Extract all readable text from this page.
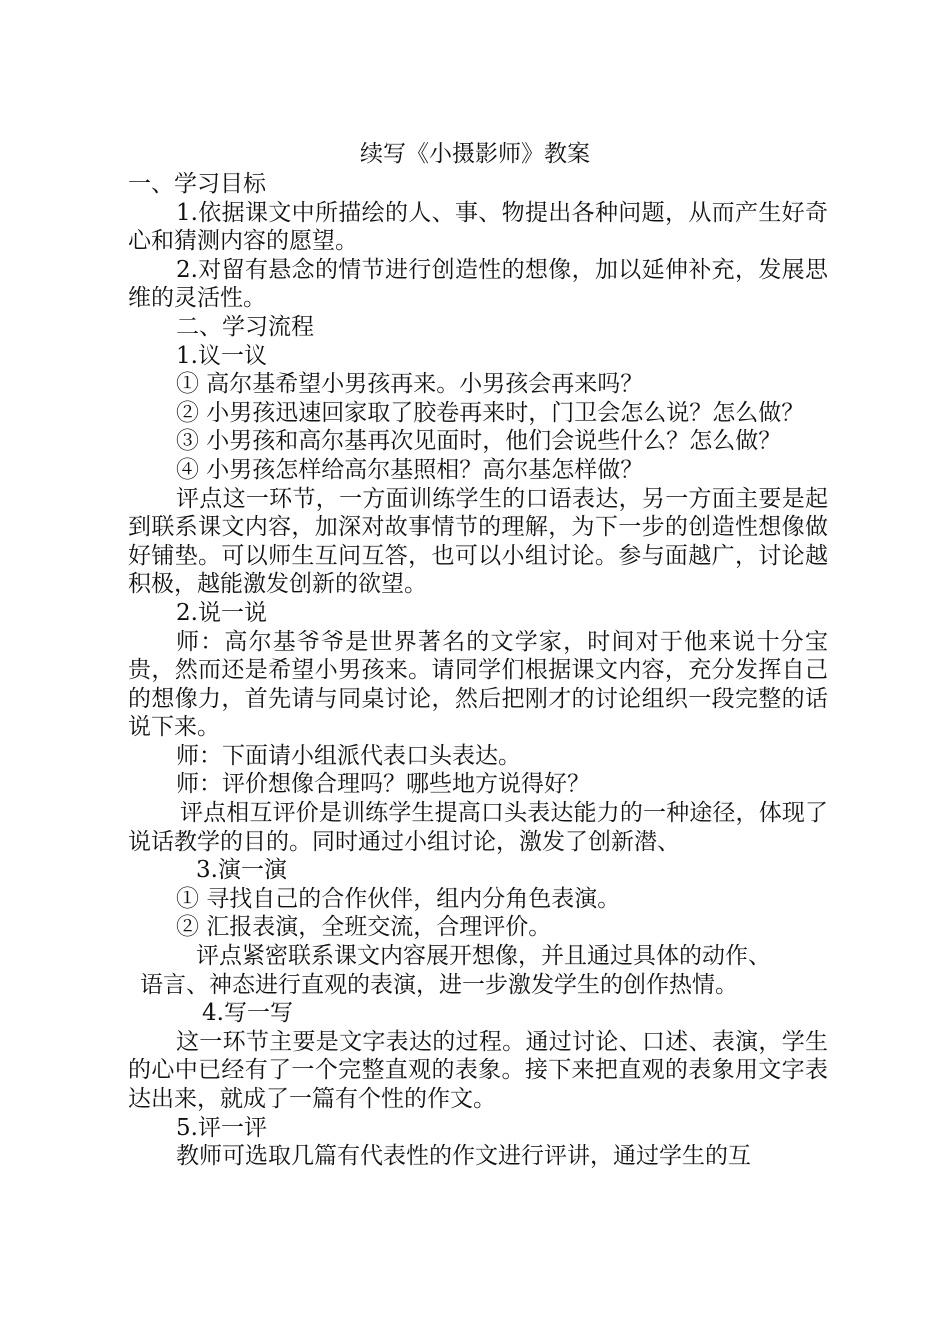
续写《小摄影师》教案

一、学习目标

1.依据课文中所描绘的人、事、物提出各种问题，从而产生好奇心和猜测内容的愿望。

2.对留有悬念的情节进行创造性的想像，加以延伸补充，发展思维的灵活性。

二、学习流程

1.议一议

① 高尔基希望小男孩再来。小男孩会再来吗？

② 小男孩迅速回家取了胶卷再来时，门卫会怎么说？怎么做？

③ 小男孩和高尔基再次见面时，他们会说些什么？怎么做？

④ 小男孩怎样给高尔基照相？高尔基怎样做？

评点这一环节，一方面训练学生的口语表达，另一方面主要是起到联系课文内容，加深对故事情节的理解，为下一步的创造性想像做好铺垫。可以师生互问互答，也可以小组讨论。参与面越广，讨论越积极，越能激发创新的欲望。

2.说一说

师：高尔基爷爷是世界著名的文学家，时间对于他来说十分宝贵，然而还是希望小男孩来。请同学们根据课文内容，充分发挥自己的想像力，首先请与同桌讨论，然后把刚才的讨论组织一段完整的话说下来。

师：下面请小组派代表口头表达。

师：评价想像合理吗？哪些地方说得好？

评点相互评价是训练学生提高口头表达能力的一种途径，体现了说话教学的目的。同时通过小组讨论，激发了创新潜、

3.演一演

① 寻找自己的合作伙伴，组内分角色表演。

② 汇报表演，全班交流，合理评价。

评点紧密联系课文内容展开想像，并且通过具体的动作、

语言、神态进行直观的表演，进一步激发学生的创作热情。

4.写一写

这一环节主要是文字表达的过程。通过讨论、口述、表演，学生的心中已经有了一个完整直观的表象。接下来把直观的表象用文字表达出来，就成了一篇有个性的作文。

5.评一评

教师可选取几篇有代表性的作文进行评讲，通过学生的互
